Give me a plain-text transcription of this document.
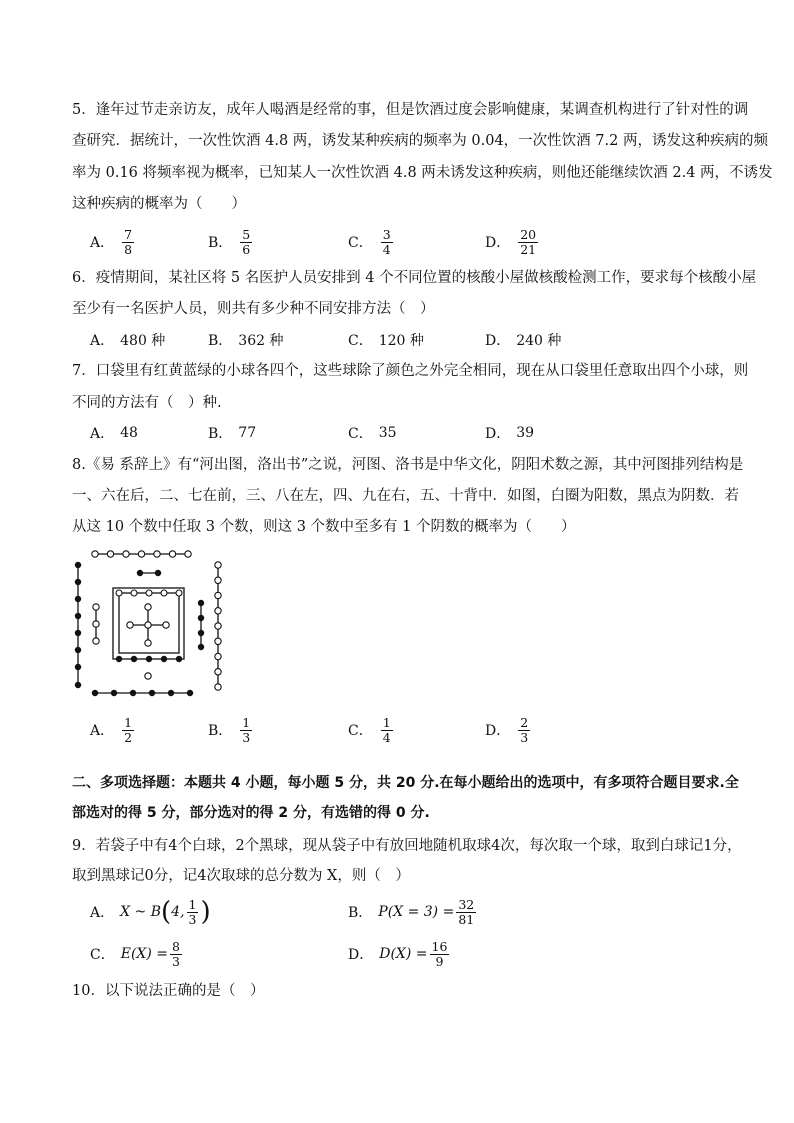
5．逢年过节走亲访友，成年人喝酒是经常的事，但是饮酒过度会影响健康，某调查机构进行了针对性的调
查研究．据统计，一次性饮酒 4.8 两，诱发某种疾病的频率为 0.04，一次性饮酒 7.2 两，诱发这种疾病的频
率为 0.16 将频率视为概率，已知某人一次性饮酒 4.8 两未诱发这种疾病，则他还能继续饮酒 2.4 两，不诱发
这种疾病的概率为（　　）
A． $\frac{7}{8}$	B． $\frac{5}{6}$	C． $\frac{3}{4}$	D． $\frac{20}{21}$
6．疫情期间，某社区将 5 名医护人员安排到 4 个不同位置的核酸小屋做核酸检测工作，要求每个核酸小屋
至少有一名医护人员，则共有多少种不同安排方法（　）
A． 480 种	B． 362 种	C． 120 种	D． 240 种
7．口袋里有红黄蓝绿的小球各四个，这些球除了颜色之外完全相同，现在从口袋里任意取出四个小球，则
不同的方法有（　）种.
A． 48	B． 77	C． 35	D． 39
8.《易 系辞上》有“河出图，洛出书”之说，河图、洛书是中华文化，阴阳术数之源，其中河图排列结构是
一、六在后，二、七在前，三、八在左，四、九在右，五、十背中．如图，白圈为阳数，黑点为阴数．若
从这 10 个数中任取 3 个数，则这 3 个数中至多有 1 个阴数的概率为（　　）
A． $\frac{1}{2}$	B． $\frac{1}{3}$	C． $\frac{1}{4}$	D． $\frac{2}{3}$
二、多项选择题：本题共 4 小题，每小题 5 分，共 20 分.在每小题给出的选项中，有多项符合题目要求.全
部选对的得 5 分，部分选对的得 2 分，有选错的得 0 分.
9．若袋子中有4个白球，2个黑球，现从袋子中有放回地随机取球4次，每次取一个球，取到白球记1分，
取到黑球记0分，记4次取球的总分数为 X，则（　）
A． X ~ B ( 4, $\frac{1}{3}$ )	B． $P(X = 3) = \frac{32}{81}$
C． $E(X) = \frac{8}{3}$	D． $D(X) = \frac{16}{9}$
10．以下说法正确的是（　）
